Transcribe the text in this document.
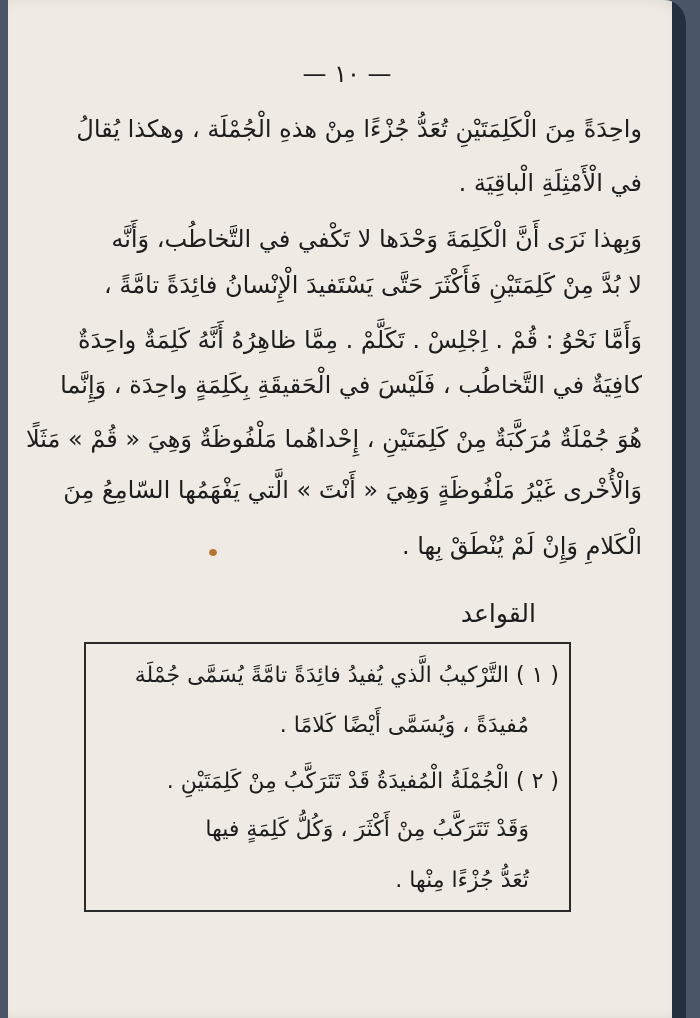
— ١٠ —
واحِدَةً مِنَ الْكَلِمَتَيْنِ تُعَدُّ جُزْءًا مِنْ هذهِ الْجُمْلَة ، وهكذا يُقالُ
في الْأَمْثِلَةِ الْباقِيَة .
وَبِهذا نَرَى أَنَّ الْكَلِمَةَ وَحْدَها لا تَكْفي في التَّخاطُب، وَأَنَّه
لا بُدَّ مِنْ كَلِمَتَيْنِ فَأَكْثَرَ حَتَّى يَسْتَفيدَ الْإِنْسانُ فائِدَةً تامَّةً ،
وَأَمَّا نَحْوُ : قُمْ . اِجْلِسْ . تَكَلَّمْ . مِمَّا ظاهِرُهُ أَنَّهُ كَلِمَةٌ واحِدَةٌ
كافِيَةٌ في التَّخاطُب ، فَلَيْسَ في الْحَقيقَةِ بِكَلِمَةٍ واحِدَة ، وَإِنَّما
هُوَ جُمْلَةٌ مُرَكَّبَةٌ مِنْ كَلِمَتَيْنِ ، إِحْداهُما مَلْفُوظَةٌ وَهِيَ « قُمْ » مَثَلًا
وَالْأُخْرى غَيْرُ مَلْفُوظَةٍ وَهِيَ « أَنْتَ » الَّتي يَفْهَمُها السّامِعُ مِنَ
الْكَلامِ وَإِنْ لَمْ يُنْطَقْ بِها .
القواعد
( ١ ) التَّرْكيبُ الَّذي يُفيدُ فائِدَةً تامَّةً يُسَمَّى جُمْلَة
مُفيدَةً ، وَيُسَمَّى أَيْضًا كَلامًا .
( ٢ ) الْجُمْلَةُ الْمُفيدَةُ قَدْ تَتَرَكَّبُ مِنْ كَلِمَتَيْنِ .
وَقَدْ تَتَرَكَّبُ مِنْ أَكْثَرَ ، وَكُلُّ كَلِمَةٍ فيها
تُعَدُّ جُزْءًا مِنْها .
